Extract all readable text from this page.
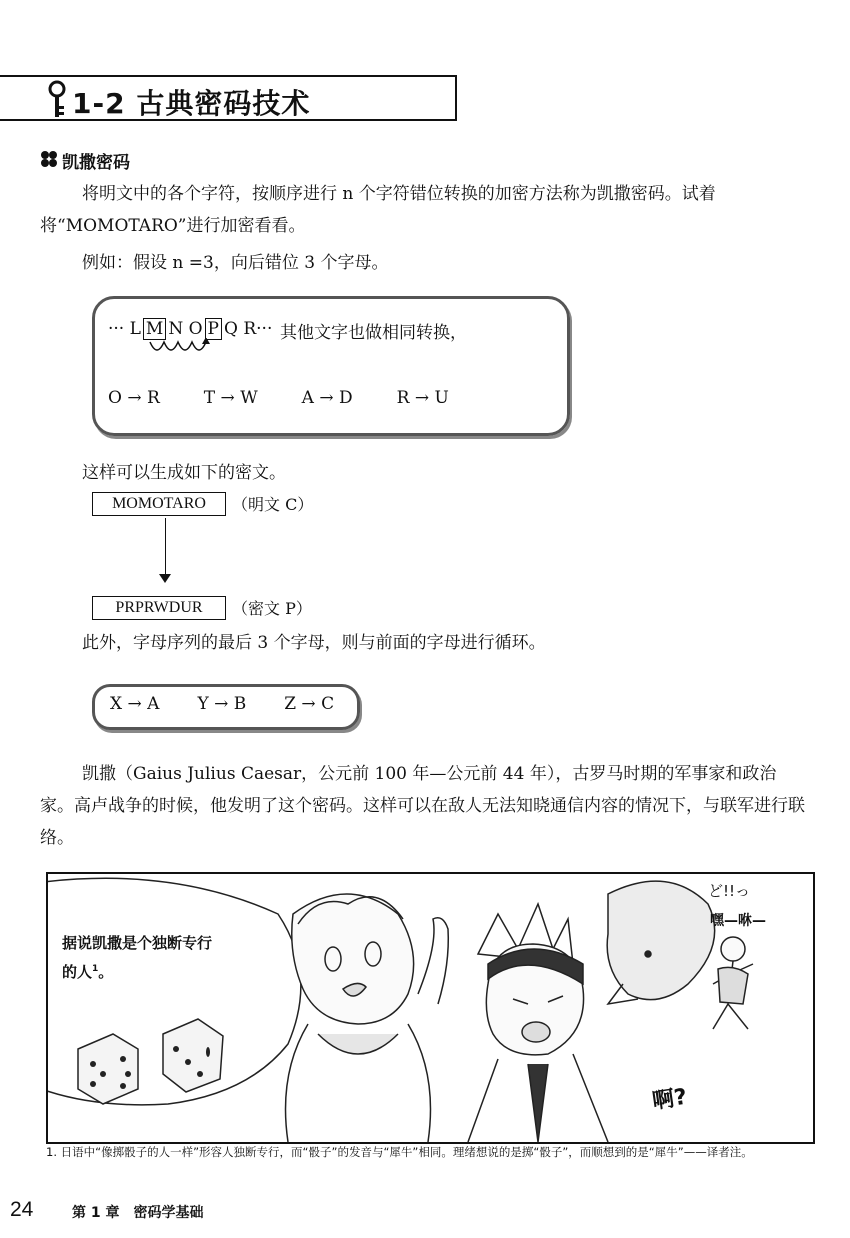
1-2 古典密码技术
凯撒密码
将明文中的各个字符，按顺序进行 n 个字符错位转换的加密方法称为凯撒密码。试着将“MOMOTARO”进行加密看看。
例如：假设 n =3，向后错位 3 个字母。
··· L M N O P Q R··· 其他文字也做相同转换，
O → R	T → W	A → D	R → U
这样可以生成如下的密文。
MOMOTARO	（明文 C）
PRPRWDUR	（密文 P）
此外，字母序列的最后 3 个字母，则与前面的字母进行循环。
X → A Y → B Z → C
凯撒（Gaius Julius Caesar，公元前 100 年—公元前 44 年），古罗马时期的军事家和政治家。高卢战争的时候，他发明了这个密码。这样可以在敌人无法知晓通信内容的情况下，与联军进行联络。
据说凯撒是个独断专行
的人$^1$。
ど!!っ
嘿—咻—
啊?
1. 日语中“像掷骰子的人一样”形容人独断专行，而“骰子”的发音与“犀牛”相同。理绪想说的是掷“骰子”，而顺想到的是“犀牛”——译者注。
24	第 1 章　密码学基础
